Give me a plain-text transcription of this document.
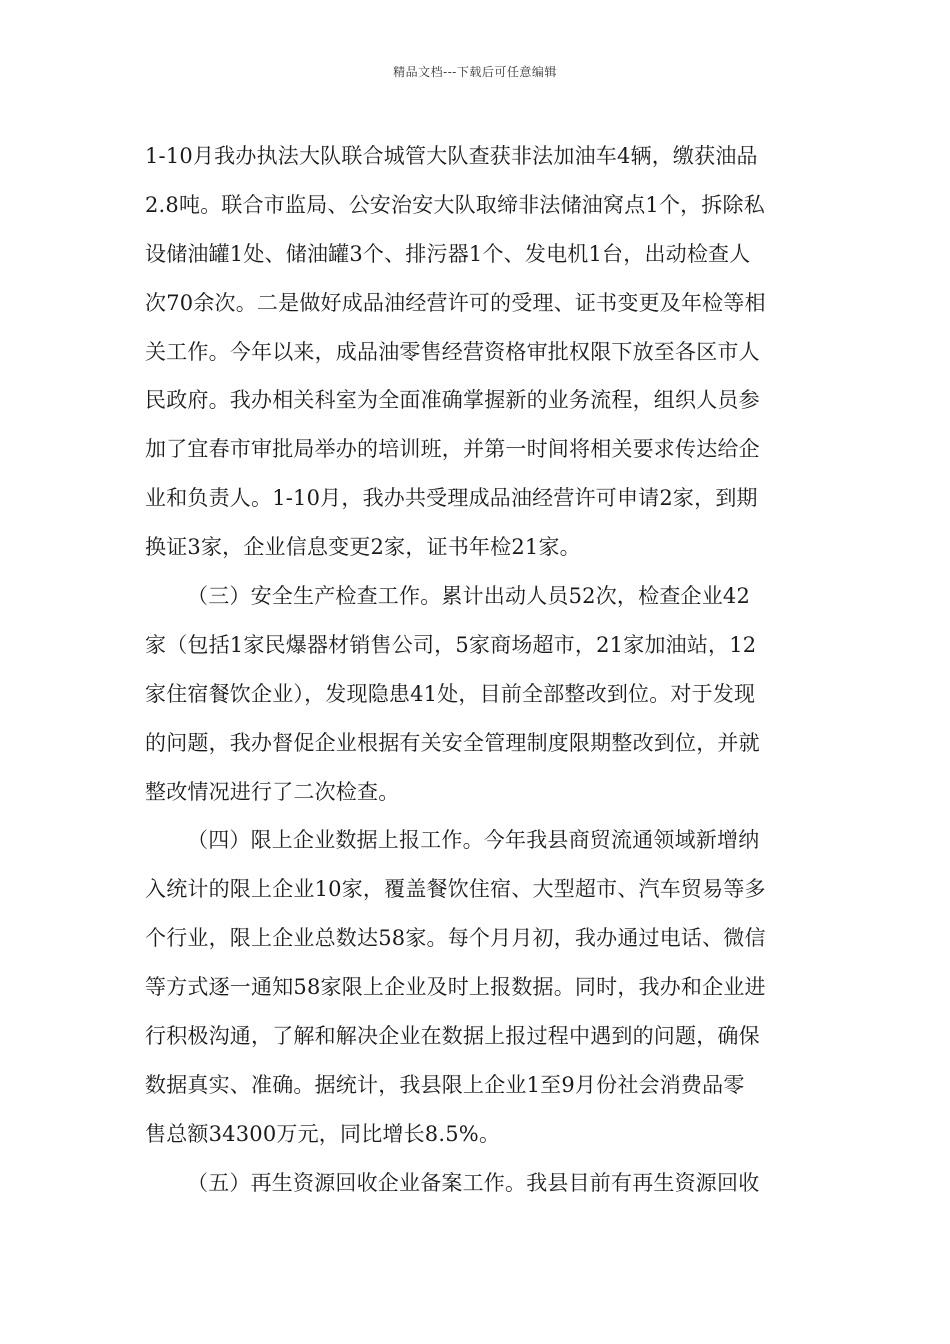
精品文档---下载后可任意编辑
1-10月我办执法大队联合城管大队查获非法加油车4辆，缴获油品
2.8吨。联合市监局、公安治安大队取缔非法储油窝点1个，拆除私
设储油罐1处、储油罐3个、排污器1个、发电机1台，出动检查人
次70余次。二是做好成品油经营许可的受理、证书变更及年检等相
关工作。今年以来，成品油零售经营资格审批权限下放至各区市人
民政府。我办相关科室为全面准确掌握新的业务流程，组织人员参
加了宜春市审批局举办的培训班，并第一时间将相关要求传达给企
业和负责人。1-10月，我办共受理成品油经营许可申请2家，到期
换证3家，企业信息变更2家，证书年检21家。
（三）安全生产检查工作。累计出动人员52次，检查企业42
家（包括1家民爆器材销售公司，5家商场超市，21家加油站，12
家住宿餐饮企业），发现隐患41处，目前全部整改到位。对于发现
的问题，我办督促企业根据有关安全管理制度限期整改到位，并就
整改情况进行了二次检查。
（四）限上企业数据上报工作。今年我县商贸流通领域新增纳
入统计的限上企业10家，覆盖餐饮住宿、大型超市、汽车贸易等多
个行业，限上企业总数达58家。每个月月初，我办通过电话、微信
等方式逐一通知58家限上企业及时上报数据。同时，我办和企业进
行积极沟通，了解和解决企业在数据上报过程中遇到的问题，确保
数据真实、准确。据统计，我县限上企业1至9月份社会消费品零
售总额34300万元，同比增长8.5%。
（五）再生资源回收企业备案工作。我县目前有再生资源回收
